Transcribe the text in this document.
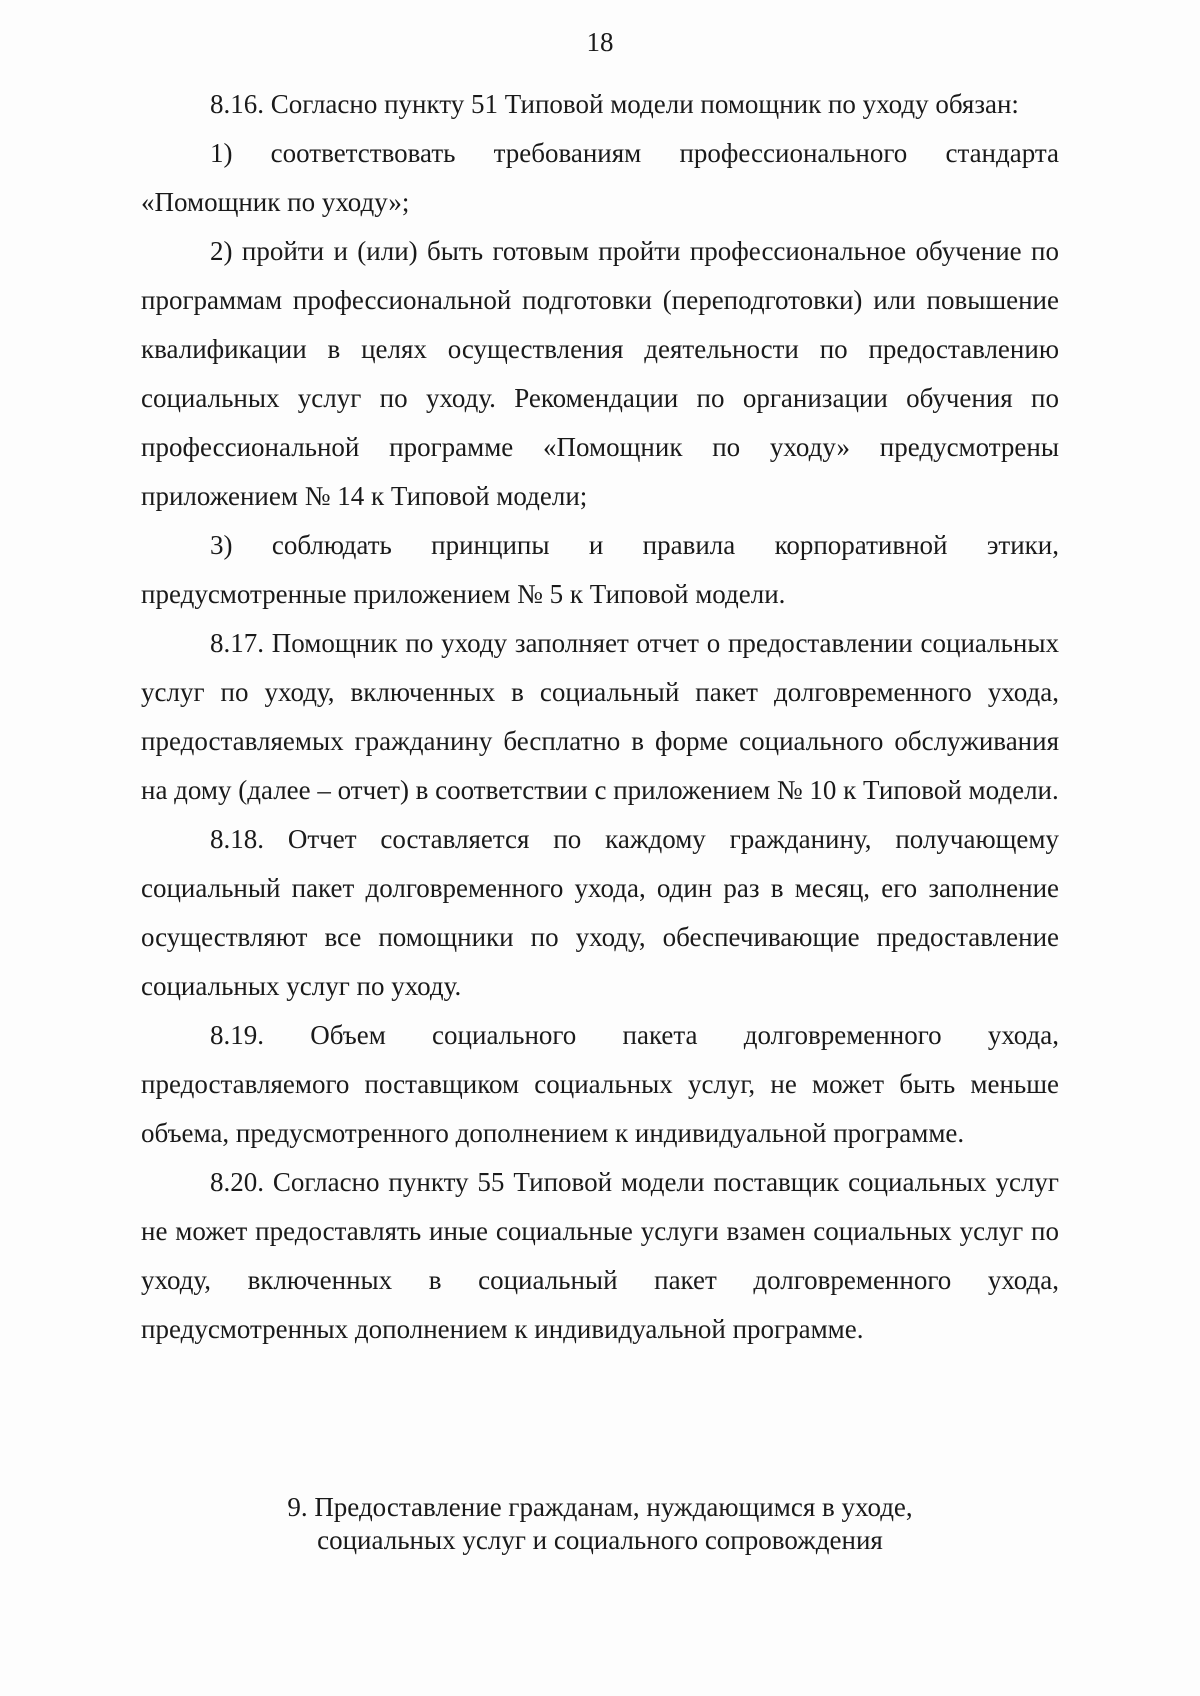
18

8.16. Согласно пункту 51 Типовой модели помощник по уходу обязан:

1) соответствовать требованиям профессионального стандарта «Помощник по уходу»;

2) пройти и (или) быть готовым пройти профессиональное обучение по программам профессиональной подготовки (переподготовки) или повышение квалификации в целях осуществления деятельности по предоставлению социальных услуг по уходу. Рекомендации по организации обучения по профессиональной программе «Помощник по уходу» предусмотрены приложением № 14 к Типовой модели;

3) соблюдать принципы и правила корпоративной этики, предусмотренные приложением № 5 к Типовой модели.

8.17. Помощник по уходу заполняет отчет о предоставлении социальных услуг по уходу, включенных в социальный пакет долговременного ухода, предоставляемых гражданину бесплатно в форме социального обслуживания на дому (далее – отчет) в соответствии с приложением № 10 к Типовой модели.

8.18. Отчет составляется по каждому гражданину, получающему социальный пакет долговременного ухода, один раз в месяц, его заполнение осуществляют все помощники по уходу, обеспечивающие предоставление социальных услуг по уходу.

8.19. Объем социального пакета долговременного ухода, предоставляемого поставщиком социальных услуг, не может быть меньше объема, предусмотренного дополнением к индивидуальной программе.

8.20. Согласно пункту 55 Типовой модели поставщик социальных услуг не может предоставлять иные социальные услуги взамен социальных услуг по уходу, включенных в социальный пакет долговременного ухода, предусмотренных дополнением к индивидуальной программе.

9. Предоставление гражданам, нуждающимся в уходе,
социальных услуг и социального сопровождения
